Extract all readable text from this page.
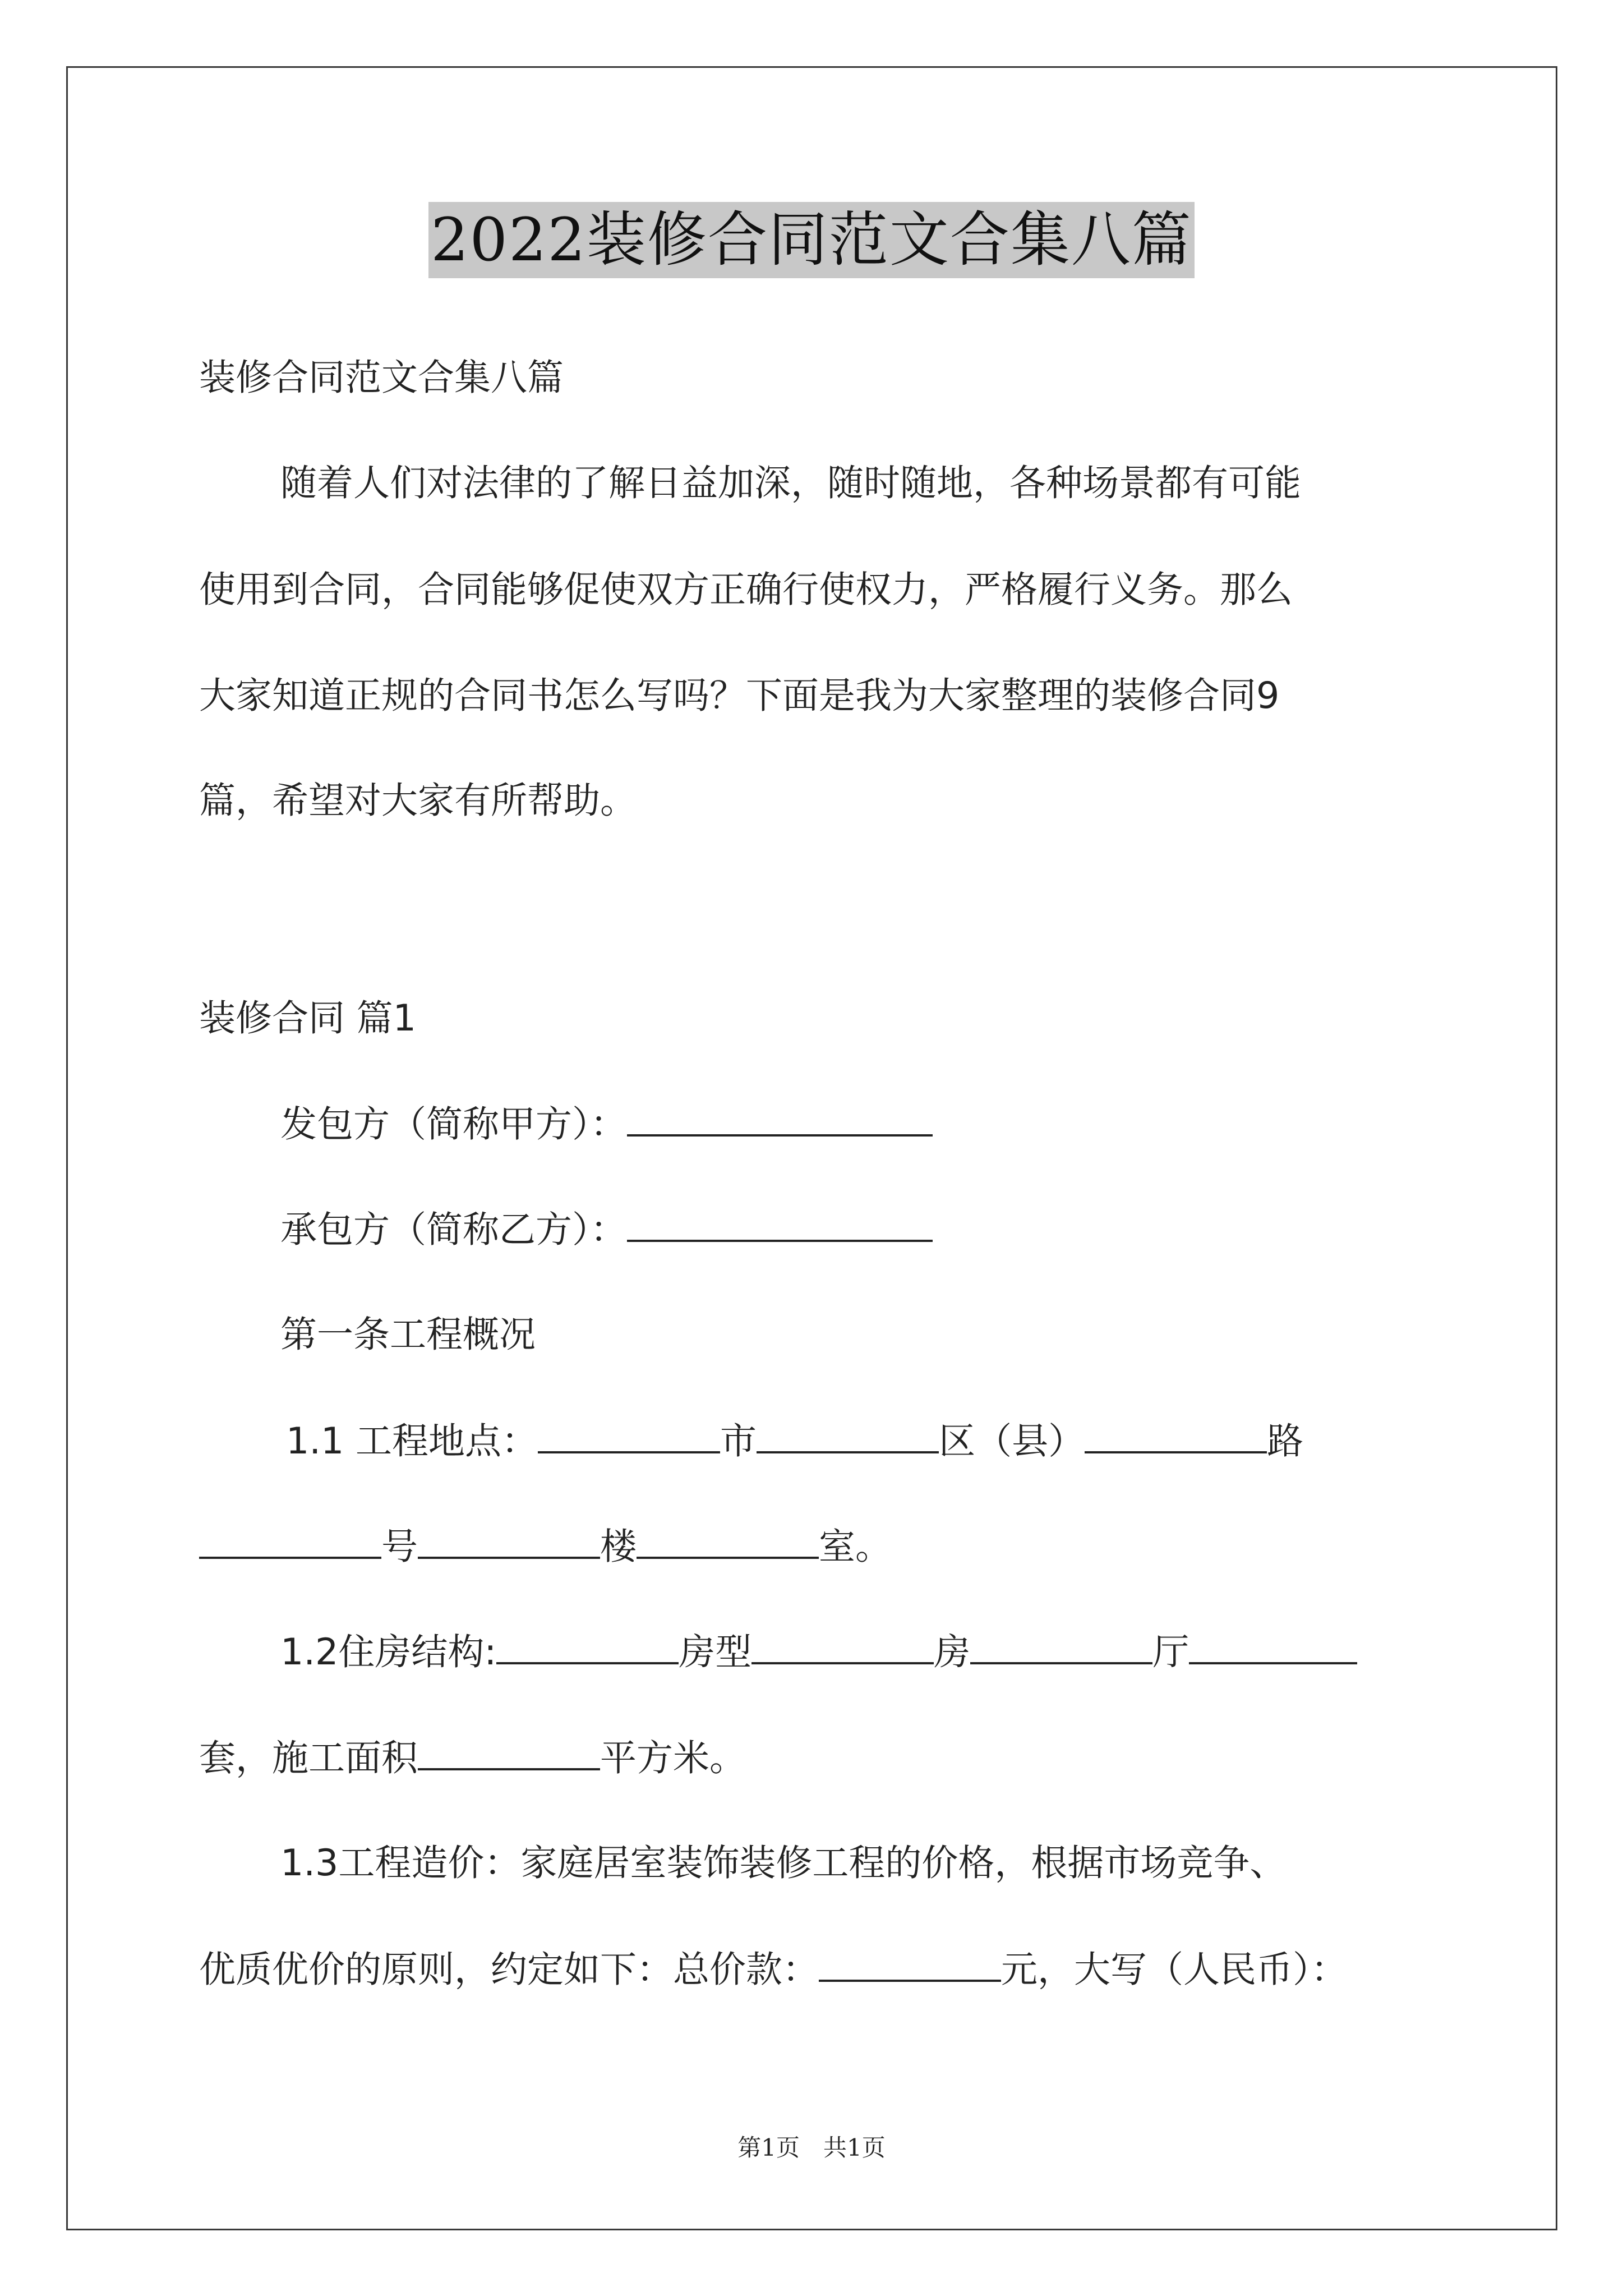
2022装修合同范文合集八篇
装修合同范文合集八篇
随着人们对法律的了解日益加深，随时随地，各种场景都有可能
使用到合同，合同能够促使双方正确行使权力，严格履行义务。那么
大家知道正规的合同书怎么写吗？下面是我为大家整理的装修合同9
篇，希望对大家有所帮助。
装修合同 篇1
发包方（简称甲方）：
承包方（简称乙方）：
第一条工程概况
1.1 工程地点：	市	区（县）	路
号	楼	室。
1.2住房结构:	房型	房	厅
套，施工面积	平方米。
1.3工程造价：家庭居室装饰装修工程的价格，根据市场竞争、
优质优价的原则，约定如下：总价款：	元，大写（人民币）：
第1页　共1页
